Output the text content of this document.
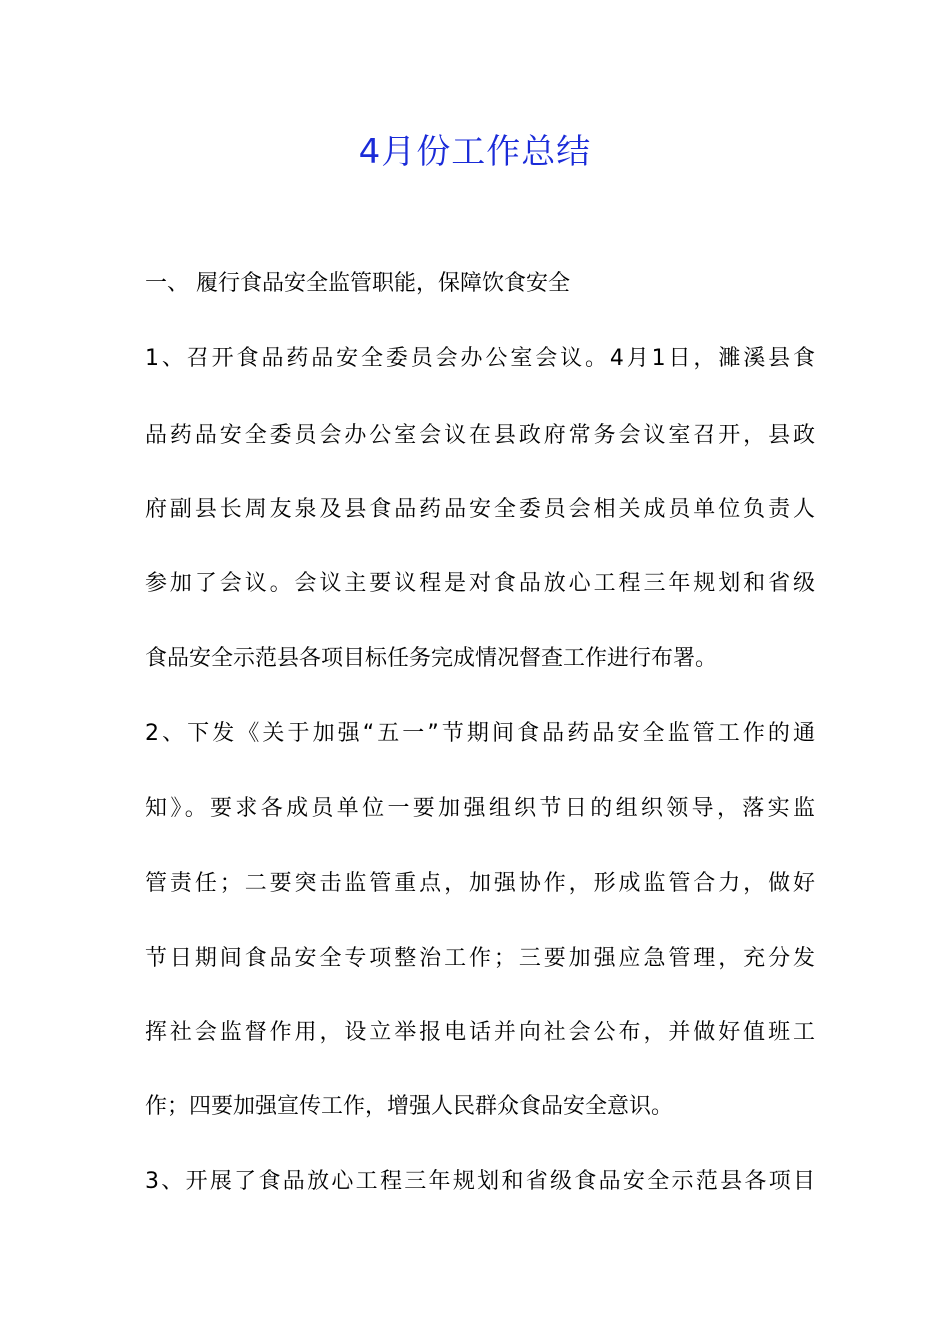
4月份工作总结
一、 履行食品安全监管职能，保障饮食安全
1、召开食品药品安全委员会办公室会议。4月1日，濉溪县食
品药品安全委员会办公室会议在县政府常务会议室召开，县政
府副县长周友泉及县食品药品安全委员会相关成员单位负责人
参加了会议。会议主要议程是对食品放心工程三年规划和省级
食品安全示范县各项目标任务完成情况督查工作进行布署。
2、下发《关于加强“五一”节期间食品药品安全监管工作的通
知》。要求各成员单位一要加强组织节日的组织领导，落实监
管责任；二要突击监管重点，加强协作，形成监管合力，做好
节日期间食品安全专项整治工作；三要加强应急管理，充分发
挥社会监督作用，设立举报电话并向社会公布，并做好值班工
作；四要加强宣传工作，增强人民群众食品安全意识。
3、开展了食品放心工程三年规划和省级食品安全示范县各项目
